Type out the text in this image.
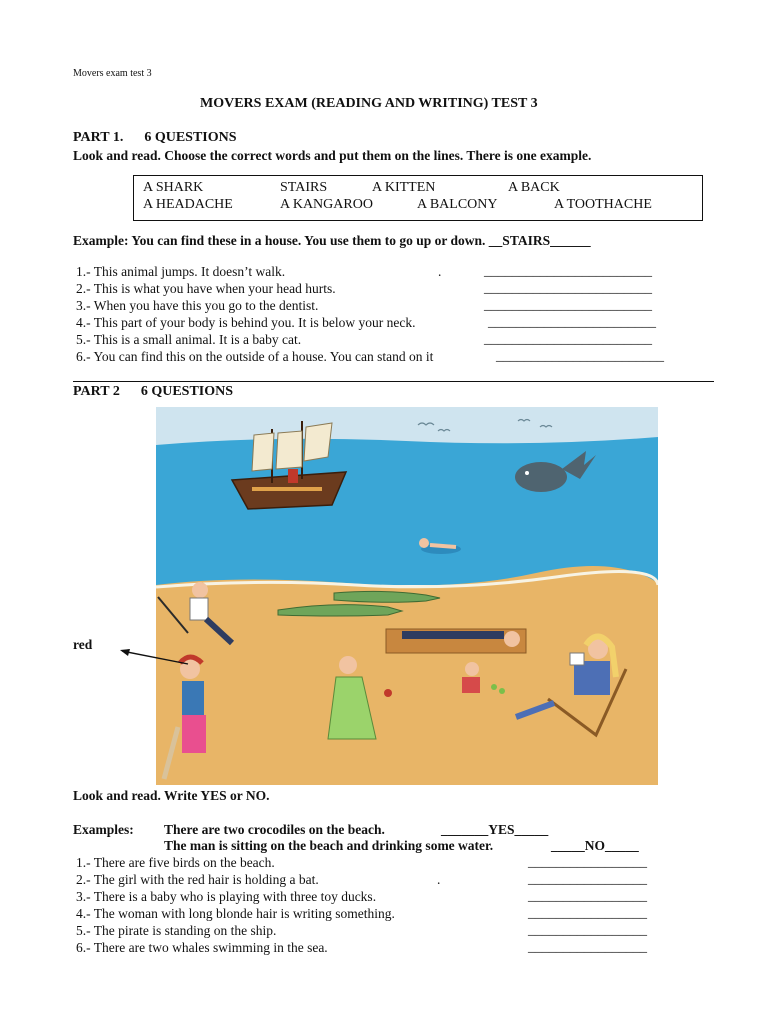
Movers exam test 3
MOVERS EXAM (READING AND WRITING) TEST 3
PART 1.      6 QUESTIONS
Look and read. Choose the correct words and put them on the lines. There is one example.
A SHARK	STAIRS	A KITTEN	A BACK
A HEADACHE	A KANGAROO	A BALCONY	A TOOTHACHE
Example: You can find these in a house. You use them to go up or down. __STAIRS______
1.- This animal jumps. It doesn’t walk.	.	________________________
2.- This is what you have when your head hurts.	________________________
3.- When you have this you go to the dentist.	________________________
4.- This part of your body is behind you. It is below your neck.	________________________
5.- This is a small animal. It is a baby cat.	________________________
6.- You can find this on the outside of a house. You can stand on it	________________________
PART 2      6 QUESTIONS
red
Look and read. Write YES or NO.
Examples: There are two crocodiles on the beach.	_______YES_____
The man is sitting on the beach and drinking some water.	_____NO_____
1.- There are five birds on the beach.	_________________
2.- The girl with the red hair is holding a bat.	.	_________________
3.- There is a baby who is playing with three toy ducks.	_________________
4.- The woman with long blonde hair is writing something.	_________________
5.- The pirate is standing on the ship.	_________________
6.- There are two whales swimming in the sea.	_________________
